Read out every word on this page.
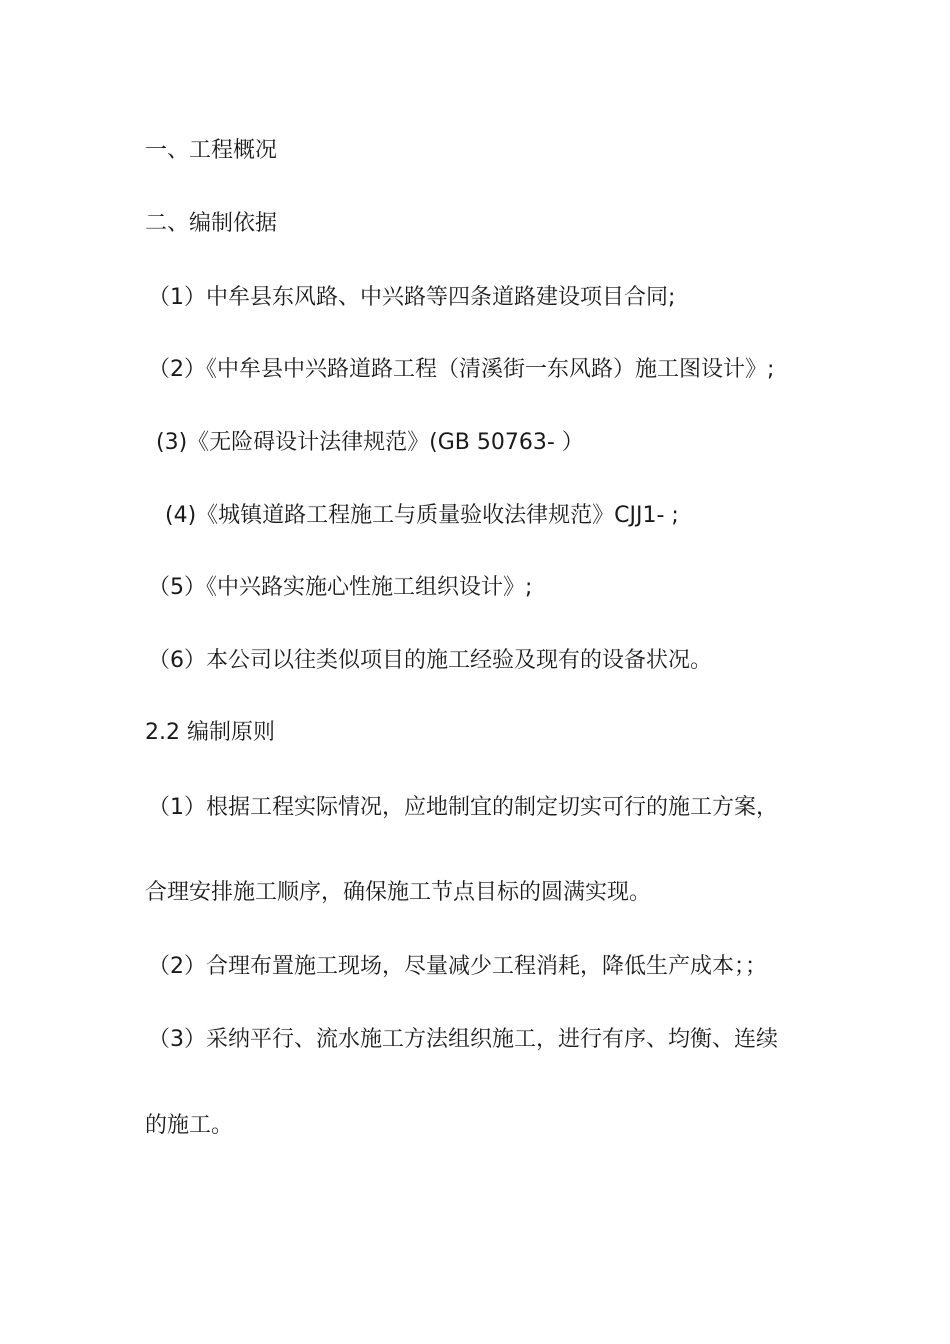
一、工程概况
二、编制依据
（1）中牟县东风路、中兴路等四条道路建设项目合同;
（2）《中牟县中兴路道路工程（清溪街一东风路）施工图设计》;
(3)《无险碍设计法律规范》(GB 50763- ）
(4)《城镇道路工程施工与质量验收法律规范》CJJ1- ;
（5）《中兴路实施心性施工组织设计》;
（6）本公司以往类似项目的施工经验及现有的设备状况。
2.2 编制原则
（1）根据工程实际情况，应地制宜的制定切实可行的施工方案，
合理安排施工顺序，确保施工节点目标的圆满实现。
（2）合理布置施工现场，尽量减少工程消耗，降低生产成本；；
（3）采纳平行、流水施工方法组织施工，进行有序、均衡、连续
的施工。
